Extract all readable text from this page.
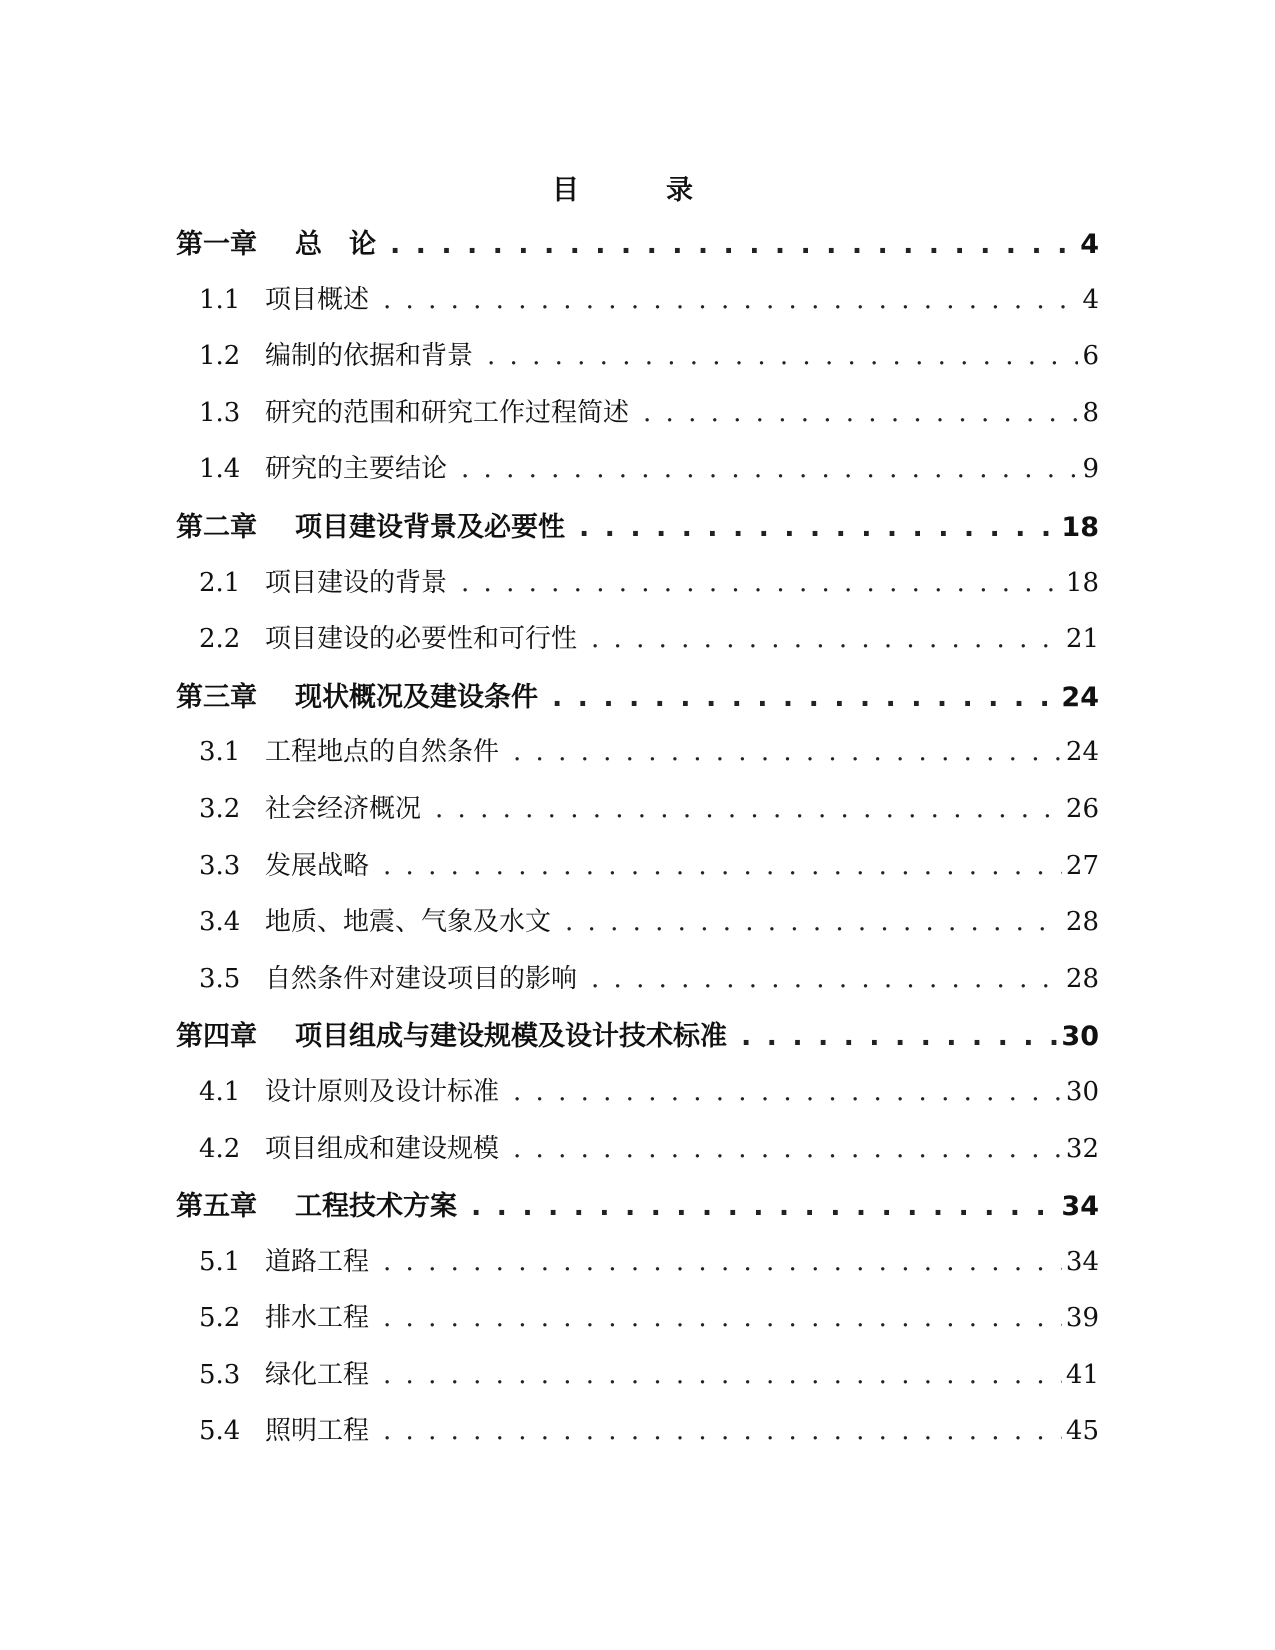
目　录
第一章 总　论 . . .	4
1.1 项目概述 . . .	4
1.2 编制的依据和背景 . . .	6
1.3 研究的范围和研究工作过程简述 . . .	8
1.4 研究的主要结论 . . .	9
第二章 项目建设背景及必要性 . . .	18
2.1 项目建设的背景 . . .	18
2.2 项目建设的必要性和可行性 . . .	21
第三章 现状概况及建设条件 . . .	24
3.1 工程地点的自然条件 . . .	24
3.2 社会经济概况 . . .	26
3.3 发展战略 . . .	27
3.4 地质、地震、气象及水文 . . .	28
3.5 自然条件对建设项目的影响 . . .	28
第四章 项目组成与建设规模及设计技术标准 . . .	30
4.1 设计原则及设计标准 . . .	30
4.2 项目组成和建设规模 . . .	32
第五章 工程技术方案 . . .	34
5.1 道路工程 . . .	34
5.2 排水工程 . . .	39
5.3 绿化工程 . . .	41
5.4 照明工程 . . .	45
